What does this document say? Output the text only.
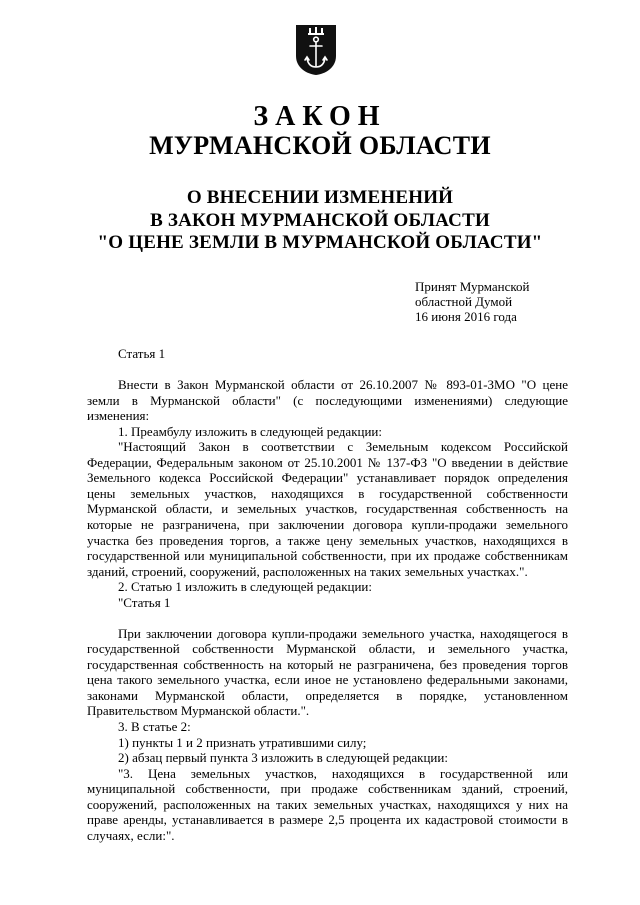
ЗАКОН
МУРМАНСКОЙ ОБЛАСТИ
О ВНЕСЕНИИ ИЗМЕНЕНИЙ
В ЗАКОН МУРМАНСКОЙ ОБЛАСТИ
"О ЦЕНЕ ЗЕМЛИ В МУРМАНСКОЙ ОБЛАСТИ"
Принят Мурманской
областной Думой
16 июня 2016 года

Статья 1

Внести в Закон Мурманской области от 26.10.2007 № 893-01-ЗМО "О цене земли в Мурманской области" (с последующими изменениями) следующие изменения:

1. Преамбулу изложить в следующей редакции:

"Настоящий Закон в соответствии с Земельным кодексом Российской Федерации, Федеральным законом от 25.10.2001 № 137-ФЗ "О введении в действие Земельного кодекса Российской Федерации" устанавливает порядок определения цены земельных участков, находящихся в государственной собственности Мурманской области, и земельных участков, государственная собственность на которые не разграничена, при заключении договора купли-продажи земельного участка без проведения торгов, а также цену земельных участков, находящихся в государственной или муниципальной собственности, при их продаже собственникам зданий, строений, сооружений, расположенных на таких земельных участках.".

2. Статью 1 изложить в следующей редакции:

"Статья 1

При заключении договора купли-продажи земельного участка, находящегося в государственной собственности Мурманской области, и земельного участка, государственная собственность на который не разграничена, без проведения торгов цена такого земельного участка, если иное не установлено федеральными законами, законами Мурманской области, определяется в порядке, установленном Правительством Мурманской области.".

3. В статье 2:

1) пункты 1 и 2 признать утратившими силу;

2) абзац первый пункта 3 изложить в следующей редакции:

"3. Цена земельных участков, находящихся в государственной или муниципальной собственности, при продаже собственникам зданий, строений, сооружений, расположенных на таких земельных участках, находящихся у них на праве аренды, устанавливается в размере 2,5 процента их кадастровой стоимости в случаях, если:".
